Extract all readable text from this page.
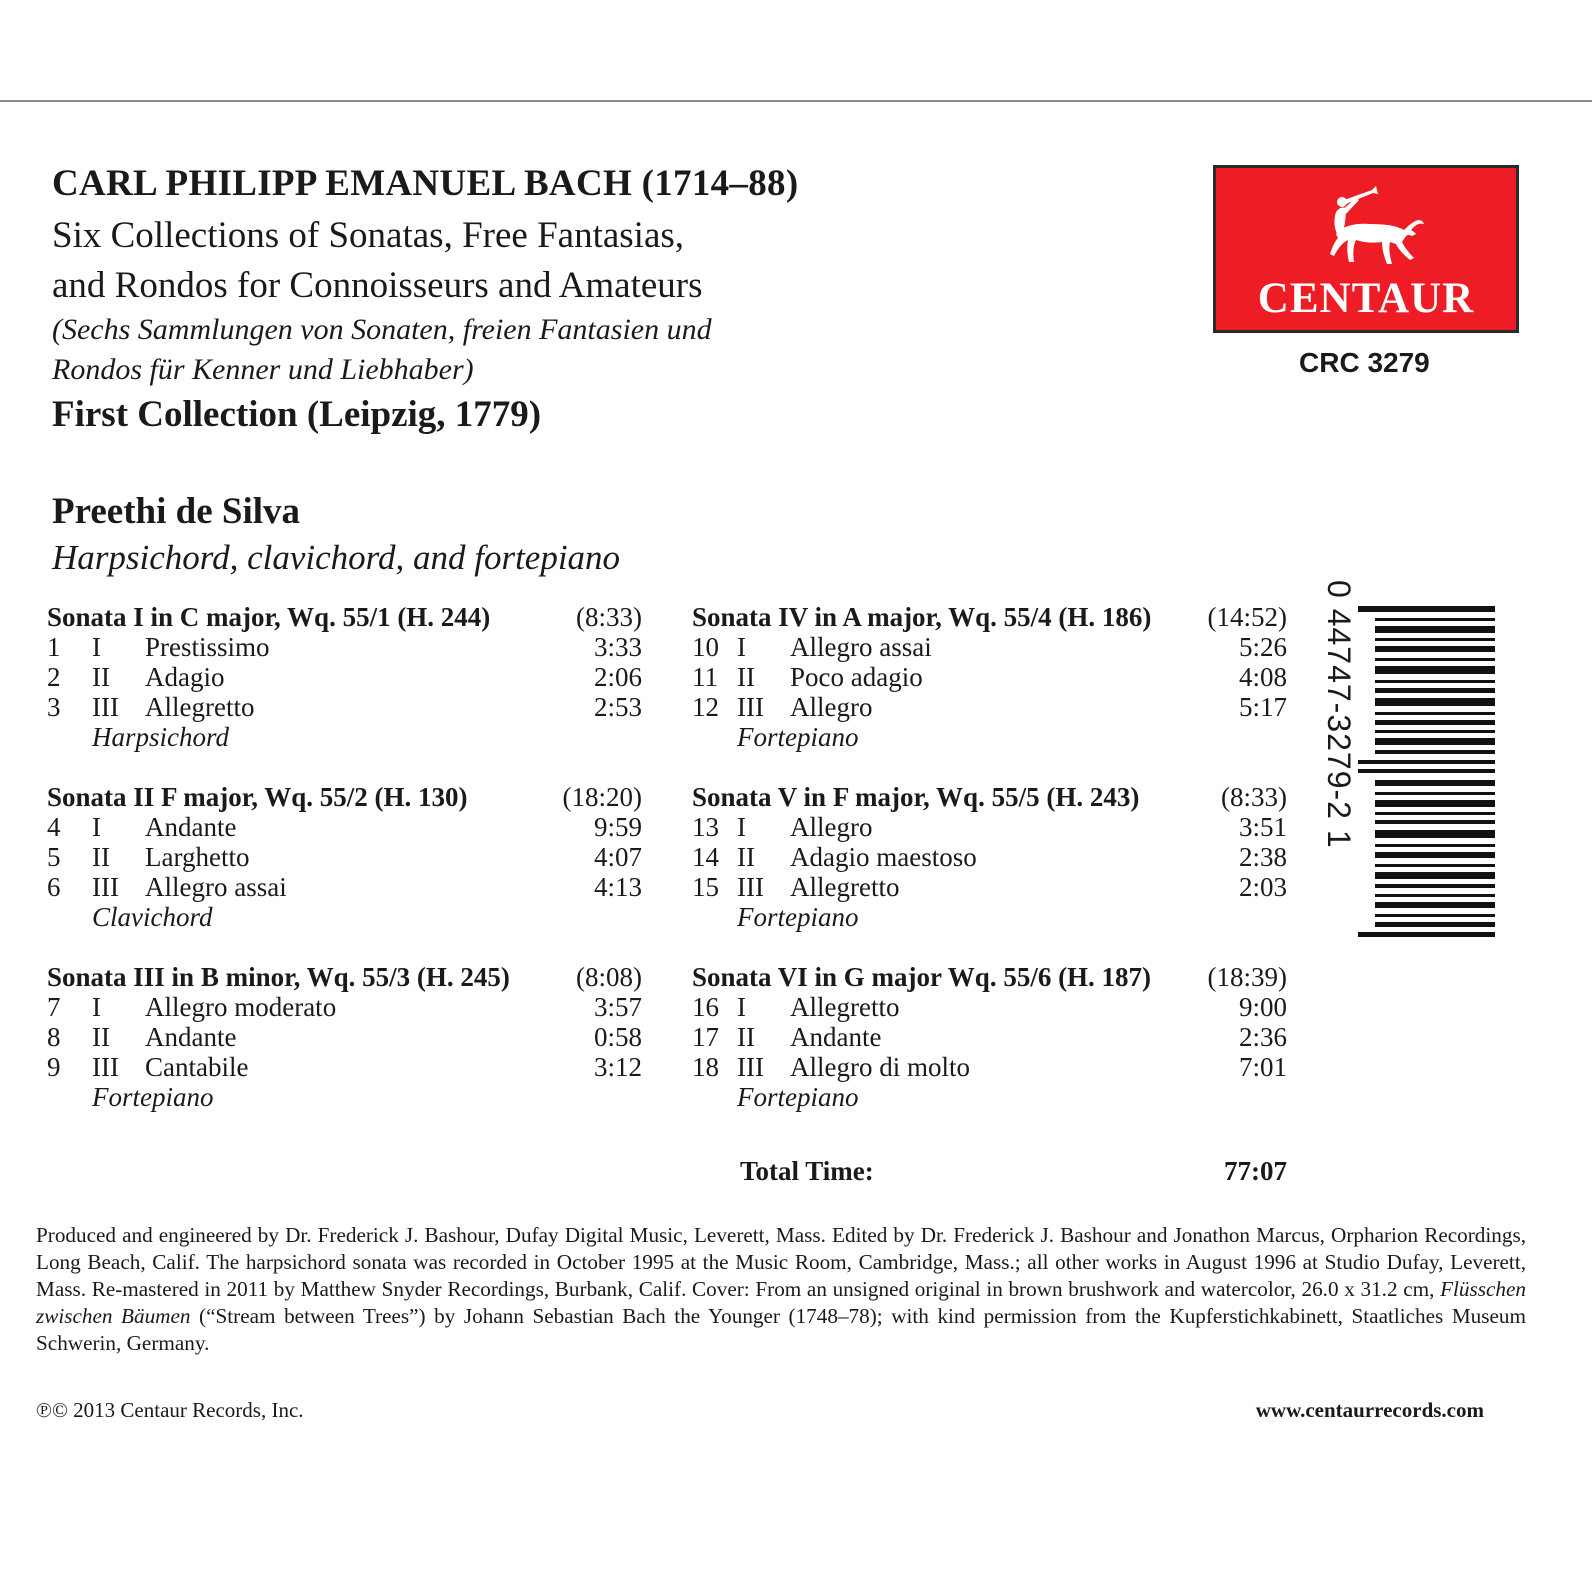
CARL PHILIPP EMANUEL BACH (1714–88)
Six Collections of Sonatas, Free Fantasias,
and Rondos for Connoisseurs and Amateurs
(Sechs Sammlungen von Sonaten, freien Fantasien und
Rondos für Kenner und Liebhaber)
First Collection (Leipzig, 1779)
Preethi de Silva
Harpsichord, clavichord, and fortepiano
CENTAUR
CRC 3279
Sonata I in C major, Wq. 55/1 (H. 244)	(8:33)
1 I Prestissimo	3:33
2 II Adagio	2:06
3 III Allegretto	2:53
Harpsichord
Sonata II F major, Wq. 55/2 (H. 130)	(18:20)
4 I Andante	9:59
5 II Larghetto	4:07
6 III Allegro assai	4:13
Clavichord
Sonata III in B minor, Wq. 55/3 (H. 245) (8:08)
7 I Allegro moderato	3:57
8 II Andante	0:58
9 III Cantabile	3:12
Fortepiano
Sonata IV in A major, Wq. 55/4 (H. 186) (14:52)
10 I Allegro assai	5:26
11 II Poco adagio	4:08
12 III Allegro	5:17
Fortepiano
Sonata V in F major, Wq. 55/5 (H. 243)	(8:33)
13 I Allegro	3:51
14 II Adagio maestoso	2:38
15 III Allegretto	2:03
Fortepiano
Sonata VI in G major Wq. 55/6 (H. 187) (18:39)
16 I Allegretto	9:00
17 II Andante	2:36
18 III Allegro di molto	7:01
Fortepiano
Total Time:	77:07
0 44747-3279-2 1

Produced and engineered by Dr. Frederick J. Bashour, Dufay Digital Music, Leverett, Mass. Edited by Dr. Frederick J. Bashour and Jonathon Marcus, Orpharion Recordings, Long Beach, Calif. The harpsichord sonata was recorded in October 1995 at the Music Room, Cambridge, Mass.; all other works in August 1996 at Studio Dufay, Leverett, Mass. Re-mastered in 2011 by Matthew Snyder Recordings, Burbank, Calif. Cover: From an unsigned original in brown brushwork and watercolor, 26.0 x 31.2 cm, Flüsschen zwischen Bäumen (“Stream between Trees”) by Johann Sebastian Bach the Younger (1748–78); with kind permission from the Kupferstichkabinett, Staatliches Museum Schwerin, Germany.

℗© 2013 Centaur Records, Inc.	www.centaurrecords.com
